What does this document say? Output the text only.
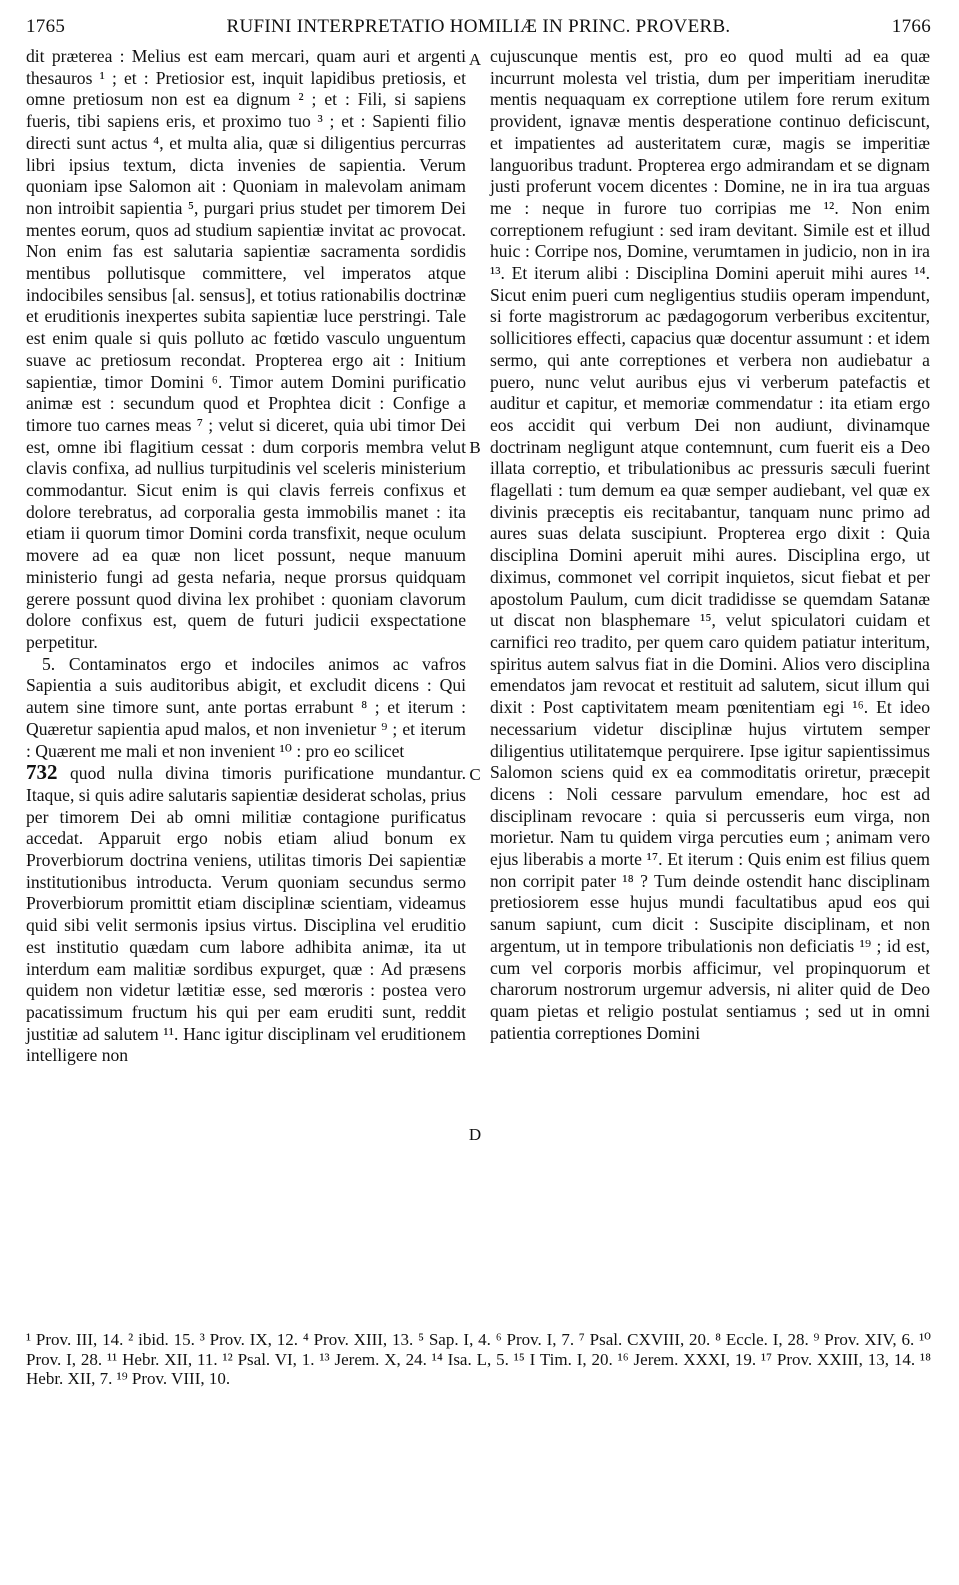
1765	RUFINI INTERPRETATIO HOMILIÆ IN PRINC. PROVERB.	1766

dit præterea : Melius est eam mercari, quam auri et argenti thesauros ¹ ; et : Pretiosior est, inquit lapidibus pretiosis, et omne pretiosum non est ea dignum ² ; et : Fili, si sapiens fueris, tibi sapiens eris, et proximo tuo ³ ; et : Sapienti filio directi sunt actus ⁴, et multa alia, quæ si diligentius percurras libri ipsius textum, dicta invenies de sapientia. Verum quoniam ipse Salomon ait : Quoniam in malevolam animam non introibit sapientia ⁵, purgari prius studet per timorem Dei mentes eorum, quos ad studium sapientiæ invitat ac provocat. Non enim fas est salutaria sapientiæ sacramenta sordidis mentibus pollutisque committere, vel imperatos atque indocibiles sensibus [al. sensus], et totius rationabilis doctrinæ et eruditionis inexpertes subita sapientiæ luce perstringi. Tale est enim quale si quis polluto ac fœtido vasculo unguentum suave ac pretiosum recondat. Propterea ergo ait : Initium sapientiæ, timor Domini ⁶. Timor autem Domini purificatio animæ est : secundum quod et Prophtea dicit : Confige a timore tuo carnes meas ⁷ ; velut si diceret, quia ubi timor Dei est, omne ibi flagitium cessat : dum corporis membra velut clavis confixa, ad nullius turpitudinis vel sceleris ministerium commodantur. Sicut enim is qui clavis ferreis confixus et dolore terebratus, ad corporalia gesta immobilis manet : ita etiam ii quorum timor Domini corda transfixit, neque oculum movere ad ea quæ non licet possunt, neque manuum ministerio fungi ad gesta nefaria, neque prorsus quidquam gerere possunt quod divina lex prohibet : quoniam clavorum dolore confixus est, quem de futuri judicii exspectatione perpetitur.

5. Contaminatos ergo et indociles animos ac vafros Sapientia a suis auditoribus abigit, et excludit dicens : Qui autem sine timore sunt, ante portas errabunt ⁸ ; et iterum : Quæretur sapientia apud malos, et non invenietur ⁹ ; et iterum : Quærent me mali et non invenient ¹⁰ : pro eo scilicet

732 quod nulla divina timoris purificatione mundantur. Itaque, si quis adire salutaris sapientiæ desiderat scholas, prius per timorem Dei ab omni militiæ contagione purificatus accedat. Apparuit ergo nobis etiam aliud bonum ex Proverbiorum doctrina veniens, utilitas timoris Dei sapientiæ institutionibus introducta. Verum quoniam secundus sermo Proverbiorum promittit etiam disciplinæ scientiam, videamus quid sibi velit sermonis ipsius virtus. Disciplina vel eruditio est institutio quædam cum labore adhibita animæ, ita ut interdum eam malitiæ sordibus expurget, quæ : Ad præsens quidem non videtur lætitiæ esse, sed mœroris : postea vero pacatissimum fructum his qui per eam eruditi sunt, reddit justitiæ ad salutem ¹¹. Hanc igitur disciplinam vel eruditionem intelligere non

A
B
C
D

cujuscunque mentis est, pro eo quod multi ad ea quæ incurrunt molesta vel tristia, dum per imperitiam ineruditæ mentis nequaquam ex correptione utilem fore rerum exitum provident, ignavæ mentis desperatione continuo deficiscunt, et impatientes ad austeritatem curæ, magis se imperitiæ languoribus tradunt. Propterea ergo admirandam et se dignam justi proferunt vocem dicentes : Domine, ne in ira tua arguas me : neque in furore tuo corripias me ¹². Non enim correptionem refugiunt : sed iram devitant. Simile est et illud huic : Corripe nos, Domine, verumtamen in judicio, non in ira ¹³. Et iterum alibi : Disciplina Domini aperuit mihi aures ¹⁴. Sicut enim pueri cum negligentius studiis operam impendunt, si forte magistrorum ac pædagogorum verberibus excitentur, sollicitiores effecti, capacius quæ docentur assumunt : et idem sermo, qui ante correptiones et verbera non audiebatur a puero, nunc velut auribus ejus vi verberum patefactis et auditur et capitur, et memoriæ commendatur : ita etiam ergo eos accidit qui verbum Dei non audiunt, divinamque doctrinam negligunt atque contemnunt, cum fuerit eis a Deo illata correptio, et tribulationibus ac pressuris sæculi fuerint flagellati : tum demum ea quæ semper audiebant, vel quæ ex divinis præceptis eis recitabantur, tanquam nunc primo ad aures suas delata suscipiunt. Propterea ergo dixit : Quia disciplina Domini aperuit mihi aures. Disciplina ergo, ut diximus, commonet vel corripit inquietos, sicut fiebat et per apostolum Paulum, cum dicit tradidisse se quemdam Satanæ ut discat non blasphemare ¹⁵, velut spiculatori cuidam et carnifici reo tradito, per quem caro quidem patiatur interitum, spiritus autem salvus fiat in die Domini. Alios vero disciplina emendatos jam revocat et restituit ad salutem, sicut illum qui dixit : Post captivitatem meam pœnitentiam egi ¹⁶. Et ideo necessarium videtur disciplinæ hujus virtutem semper diligentius utilitatemque perquirere. Ipse igitur sapientissimus Salomon sciens quid ex ea commoditatis oriretur, præcepit dicens : Noli cessare parvulum emendare, hoc est ad disciplinam revocare : quia si percusseris eum virga, non morietur. Nam tu quidem virga percuties eum ; animam vero ejus liberabis a morte ¹⁷. Et iterum : Quis enim est filius quem non corripit pater ¹⁸ ? Tum deinde ostendit hanc disciplinam pretiosiorem esse hujus mundi facultatibus apud eos qui sanum sapiunt, cum dicit : Suscipite disciplinam, et non argentum, ut in tempore tribulationis non deficiatis ¹⁹ ; id est, cum vel corporis morbis afficimur, vel propinquorum et charorum nostrorum urgemur adversis, ni aliter quid de Deo quam pietas et religio postulat sentiamus ; sed ut in omni patientia correptiones Domini

¹ Prov. III, 14. ² ibid. 15. ³ Prov. IX, 12. ⁴ Prov. XIII, 13. ⁵ Sap. I, 4. ⁶ Prov. I, 7. ⁷ Psal. CXVIII, 20. ⁸ Eccle. I, 28. ⁹ Prov. XIV, 6. ¹⁰ Prov. I, 28. ¹¹ Hebr. XII, 11. ¹² Psal. VI, 1. ¹³ Jerem. X, 24. ¹⁴ Isa. L, 5. ¹⁵ I Tim. I, 20. ¹⁶ Jerem. XXXI, 19. ¹⁷ Prov. XXIII, 13, 14. ¹⁸ Hebr. XII, 7. ¹⁹ Prov. VIII, 10.
